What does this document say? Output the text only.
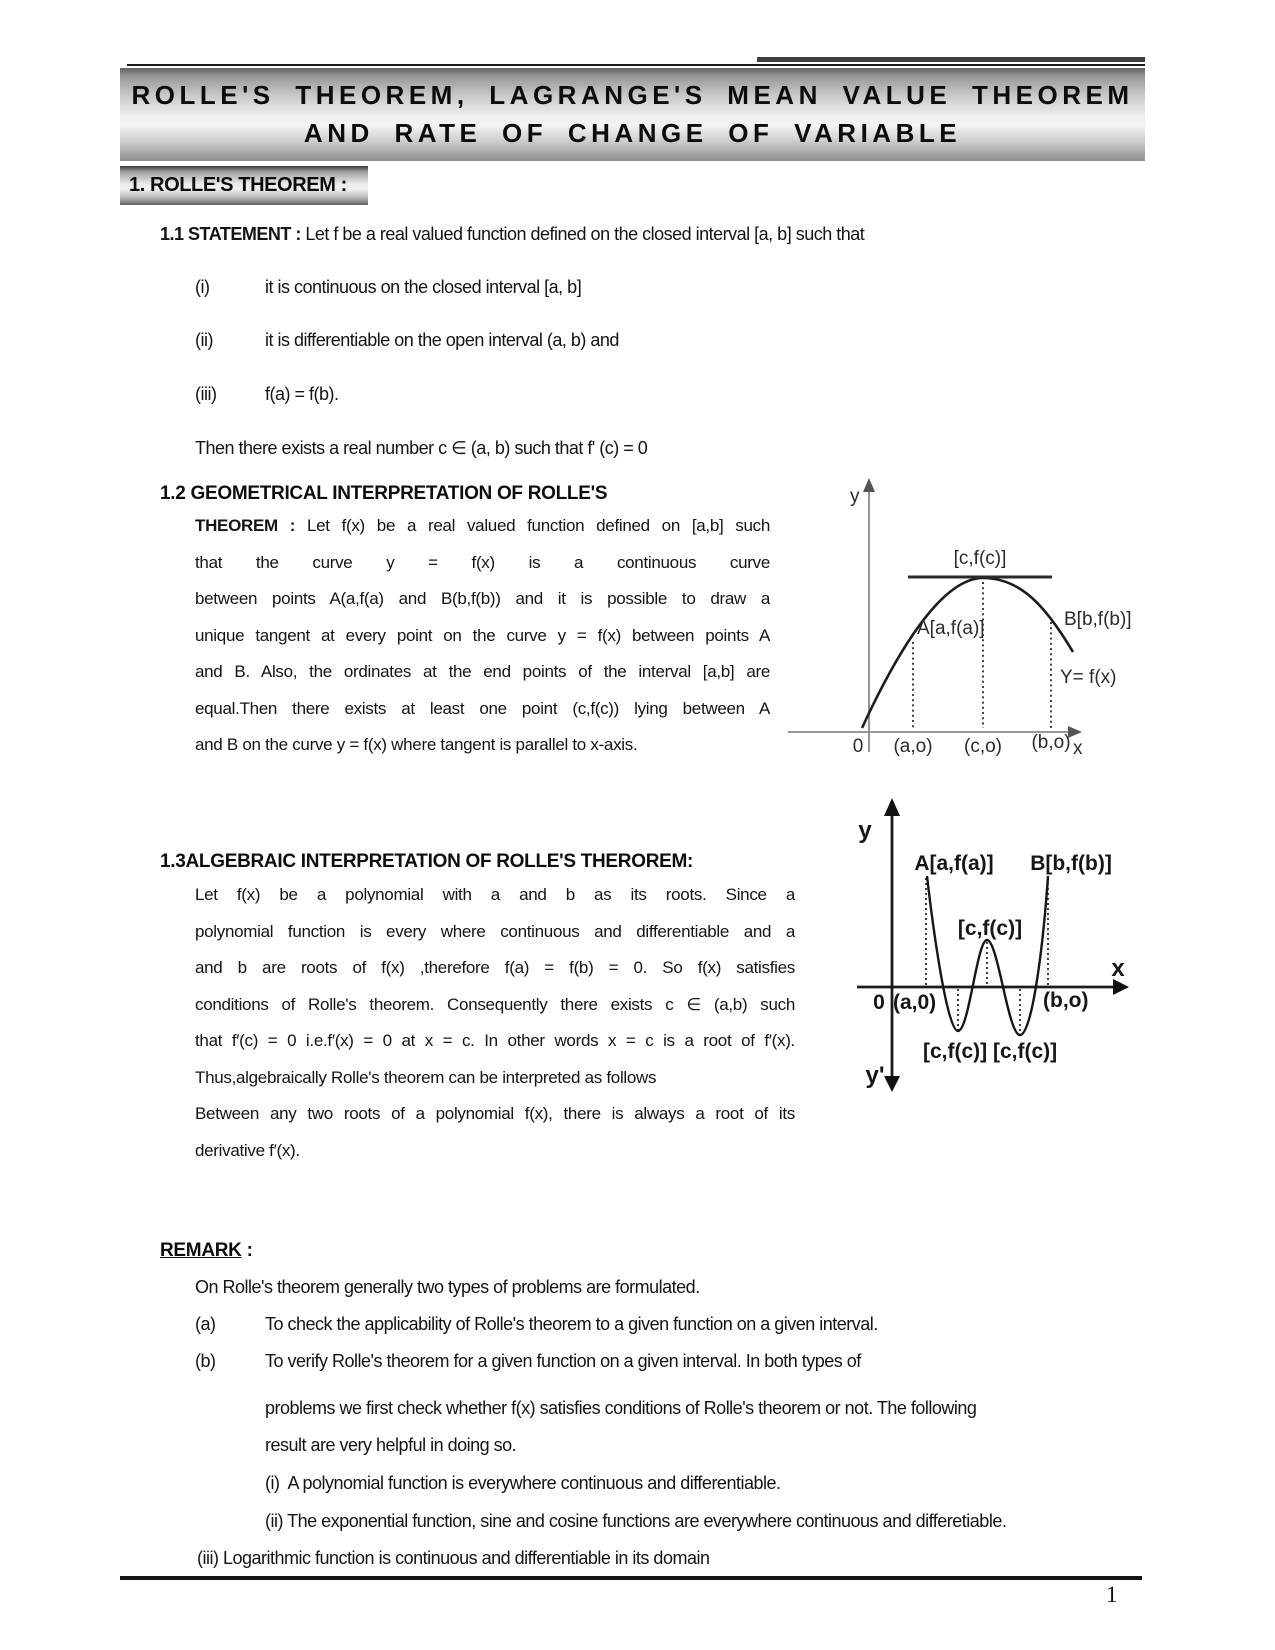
ROLLE'S THEOREM, LAGRANGE'S MEAN VALUE THEOREM
AND RATE OF CHANGE OF VARIABLE
1. ROLLE'S THEOREM :
1.1 STATEMENT : Let f be a real valued function defined on the closed interval [a, b] such that
(i)	it is continuous on the closed interval [a, b]
(ii)	it is differentiable on the open interval (a, b) and
(iii)	f(a) = f(b).
Then there exists a real number c ∈ (a, b) such that f' (c) = 0
1.2 GEOMETRICAL INTERPRETATION OF ROLLE'S
THEOREM : Let f(x) be a real valued function defined on [a,b] such
that the curve y = f(x) is a continuous curve
between points A(a,f(a) and B(b,f(b)) and it is possible to draw a
unique tangent at every point on the curve y = f(x) between points A
and B. Also, the ordinates at the end points of the interval [a,b] are
equal.Then there exists at least one point (c,f(c)) lying between A
and B on the curve y = f(x) where tangent is parallel to x-axis.
y
x
0
[c,f(c)]
A[a,f(a)]	B[b,f(b)]
Y= f(x)
(a,o) (c,o) (b,o)
1.3ALGEBRAIC INTERPRETATION OF ROLLE'S THEROREM:
Let f(x) be a polynomial with a and b as its roots. Since a
polynomial function is every where continuous and differentiable and a
and b are roots of f(x) ,therefore f(a) = f(b) = 0. So f(x) satisfies
conditions of Rolle's theorem. Consequently there exists c ∈ (a,b) such
that f′(c) = 0 i.e.f′(x) = 0 at x = c. In other words x = c is a root of f′(x).
Thus,algebraically Rolle's theorem can be interpreted as follows
Between any two roots of a polynomial f(x), there is always a root of its
derivative f′(x).
y
y'
x
0
A[a,f(a)] B[b,f(b)]
[c,f(c)]
(a,0)	(b,o)
[c,f(c)] [c,f(c)]
REMARK :
On Rolle's theorem generally two types of problems are formulated.
(a)	To check the applicability of Rolle's theorem to a given function on a given interval.
(b)	To verify Rolle's theorem for a given function on a given interval. In both types of
problems we first check whether f(x) satisfies conditions of Rolle's theorem or not. The following
result are very helpful in doing so.
(i)  A polynomial function is everywhere continuous and differentiable.
(ii) The exponential function, sine and cosine functions are everywhere continuous and differetiable.
(iii) Logarithmic function is continuous and differentiable in its domain
1
